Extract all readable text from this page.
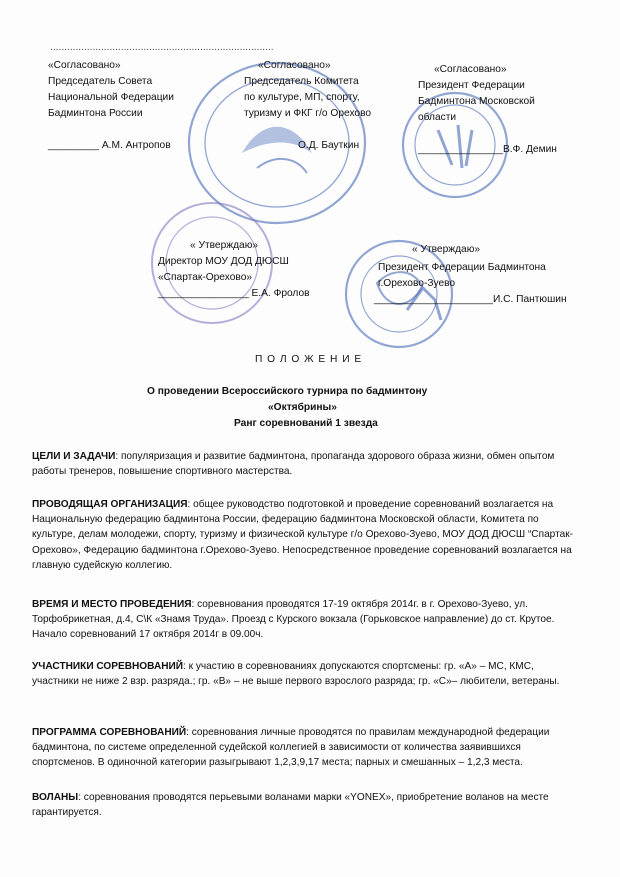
...............................................................................
«Согласовано»
Председатель Совета
Национальной Федерации
Бадминтона России
_________ А.М. Антропов
«Согласовано»
Председатель Комитета
по культуре, МП, спорту,
туризму и ФКГ г/о Орехово
О.Д. Бауткин
«Согласовано»
Президент Федерации
Бадминтона Московской
области
_______________В.Ф. Демин
« Утверждаю»
Директор МОУ ДОД ДЮСШ
«Спартак-Орехово»
________________ Е.А. Фролов
« Утверждаю»
Президент Федерации Бадминтона
г.Орехово-Зуево
_____________________И.С. Пантюшин
П О Л О Ж Е Н И Е
О проведении Всероссийского турнира по бадминтону
«Октябрины»
Ранг соревнований 1 звезда
ЦЕЛИ И ЗАДАЧИ: популяризация и развитие бадминтона, пропаганда здорового образа жизни, обмен опытом работы тренеров, повышение спортивного мастерства.
ПРОВОДЯЩАЯ ОРГАНИЗАЦИЯ: общее руководство подготовкой и проведение соревнований возлагается на Национальную федерацию бадминтона России, федерацию бадминтона Московской области, Комитета по культуре, делам молодежи, спорту, туризму и физической культуре г/о Орехово-Зуево, МОУ ДОД ДЮСШ “Спартак-Орехово», Федерацию бадминтона г.Орехово-Зуево. Непосредственное проведение соревнований возлагается на главную судейскую коллегию.
ВРЕМЯ И МЕСТО ПРОВЕДЕНИЯ: соревнования проводятся 17-19 октября 2014г. в г. Орехово-Зуево, ул. Торфобрикетная, д.4, С\К «Знамя Труда». Проезд с Курского вокзала (Горьковское направление) до ст. Крутое. Начало соревнований 17 октября 2014г в 09.00ч.
УЧАСТНИКИ СОРЕВНОВАНИЙ: к участию в соревнованиях допускаются спортсмены: гр. «А» – МС, КМС, участники не ниже 2 взр. разряда.; гр. «В» – не выше первого взрослого разряда; гр. «С»– любители, ветераны.
ПРОГРАММА СОРЕВНОВАНИЙ: соревнования личные проводятся по правилам международной федерации бадминтона, по системе определенной судейской коллегией в зависимости от количества заявившихся спортсменов. В одиночной категории разыгрывают 1,2,3,9,17 места; парных и смешанных – 1,2,3 места.
ВОЛАНЫ: соревнования проводятся перьевыми воланами марки «YONEX», приобретение воланов на месте гарантируется.
